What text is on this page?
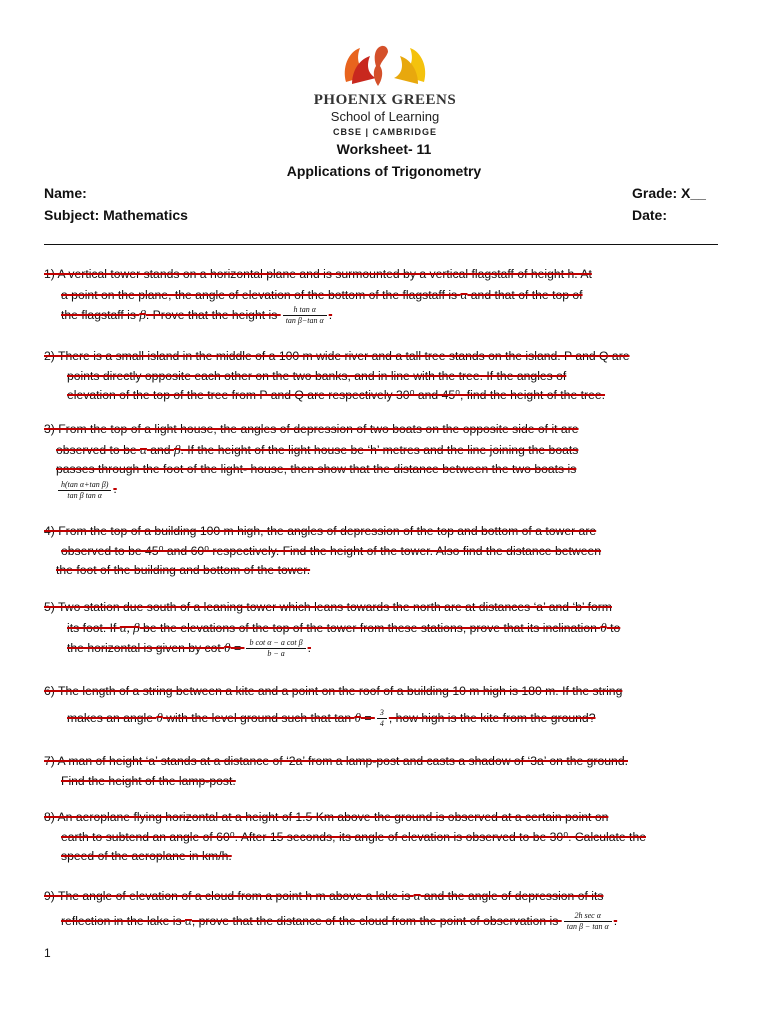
PHOENIX GREENS
School of Learning
CBSE | CAMBRIDGE
Worksheet- 11
Applications of Trigonometry
Name:
Subject: Mathematics
Grade: X__
Date:
1) A vertical tower stands on a horizontal plane and is surmounted by a vertical flagstaff of height h. At
a point on the plane, the angle of elevation of the bottom of the flagstaff is α and that of the top of
the flagstaff is β. Prove that the height is $\frac{\text{h tan α}}{\text{tan β−tan α}}$ .
2) There is a small island in the middle of a 100 m wide river and a tall tree stands on the island. P and Q are
points directly opposite each other on the two banks, and in line with the tree. If the angles of
elevation of the top of the tree from P and Q are respectively 30⁰ and 45⁰, find the height of the tree.
3) From the top of a light house, the angles of depression of two boats on the opposite side of it are
observed to be α and β. If the height of the light house be ‘h’ metres and the line joining the boats
passes through the foot of the light- house, then show that the distance between the two boats is
$\frac{\text{h(tan α+tan β)}}{\text{tan β tan α}}$ .
4) From the top of a building 100 m high, the angles of depression of the top and bottom of a tower are
observed to be 45⁰ and 60⁰ respectively. Find the height of the tower. Also find the distance between
the foot of the building and bottom of the tower.
5) Two station due south of a leaning tower which leans towards the north are at distances ‘a’ and ‘b’ form
its foot. If α, β be the elevations of the top of the tower from these stations, prove that its inclination θ to
the horizontal is given by $\cot \theta = \frac{\text{b cot α − a cot β}}{b - a}$ .
6) The length of a string between a kite and a point on the roof of a building 10 m high is 180 m. If the string
makes an angle θ with the level ground such that $\tan \theta = \frac{3}{4}$ , how high is the kite from the ground?
7) A man of height ‘a’ stands at a distance of ‘2a’ from a lamp-post and casts a shadow of ‘3a’ on the ground.
Find the height of the lamp-post.
8) An aeroplane flying horizontal at a height of 1.5 Km above the ground is observed at a certain point on
earth to subtend an angle of 60⁰. After 15 seconds, its angle of elevation is observed to be 30⁰. Calculate the
speed of the aeroplane in km/h.
9) The angle of elevation of a cloud from a point h m above a lake is α and the angle of depression of its
reflection in the lake is α, prove that the distance of the cloud from the point of observation is $\frac{\text{2h sec α}}{\text{tan β − tan α}}$ .
1
